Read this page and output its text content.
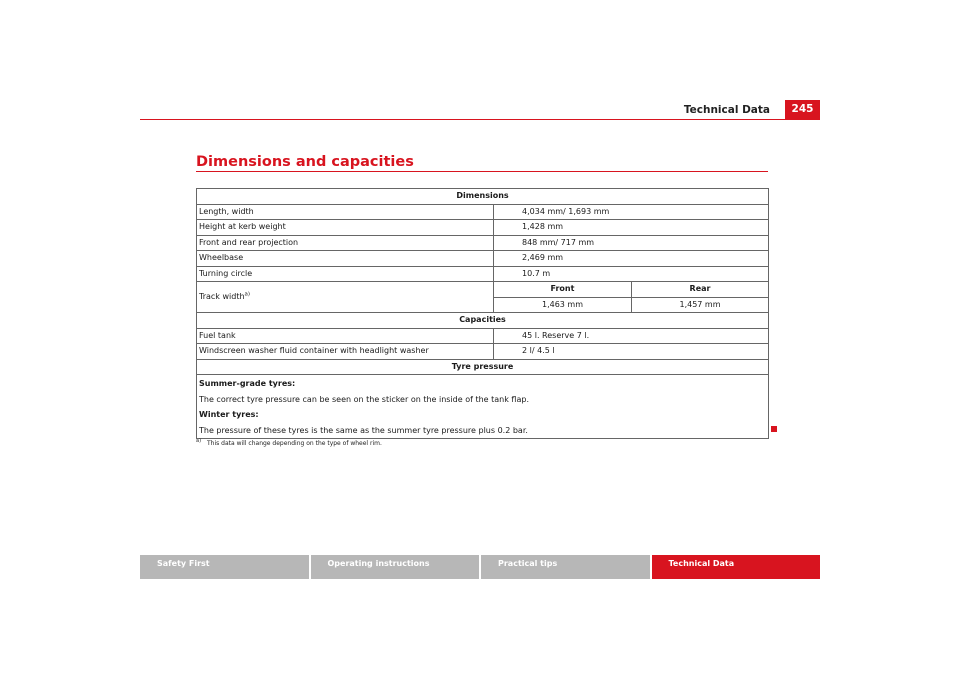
Technical Data	245
Dimensions and capacities
Dimensions		
Length, width	4,034 mm/ 1,693 mm	
Height at kerb weight	1,428 mm	
Front and rear projection	848 mm/ 717 mm	
Wheelbase	2,469 mm	
Turning circle	10.7 m	
Track width$^{a)}$	Front	Rear
	1,463 mm	1,457 mm
Capacities		
Fuel tank	45 l. Reserve 7 l.	
Windscreen washer fluid container with headlight washer	2 l/ 4.5 l	
Tyre pressure		

Summer-grade tyres:
The correct tyre pressure can be seen on the sticker on the inside of the tank flap.
Winter tyres:
The pressure of these tyres is the same as the summer tyre pressure plus 0.2 bar.		
$^{a)}$ This data will change depending on the type of wheel rim.
Safety First	Operating instructions	Practical tips	Technical Data
